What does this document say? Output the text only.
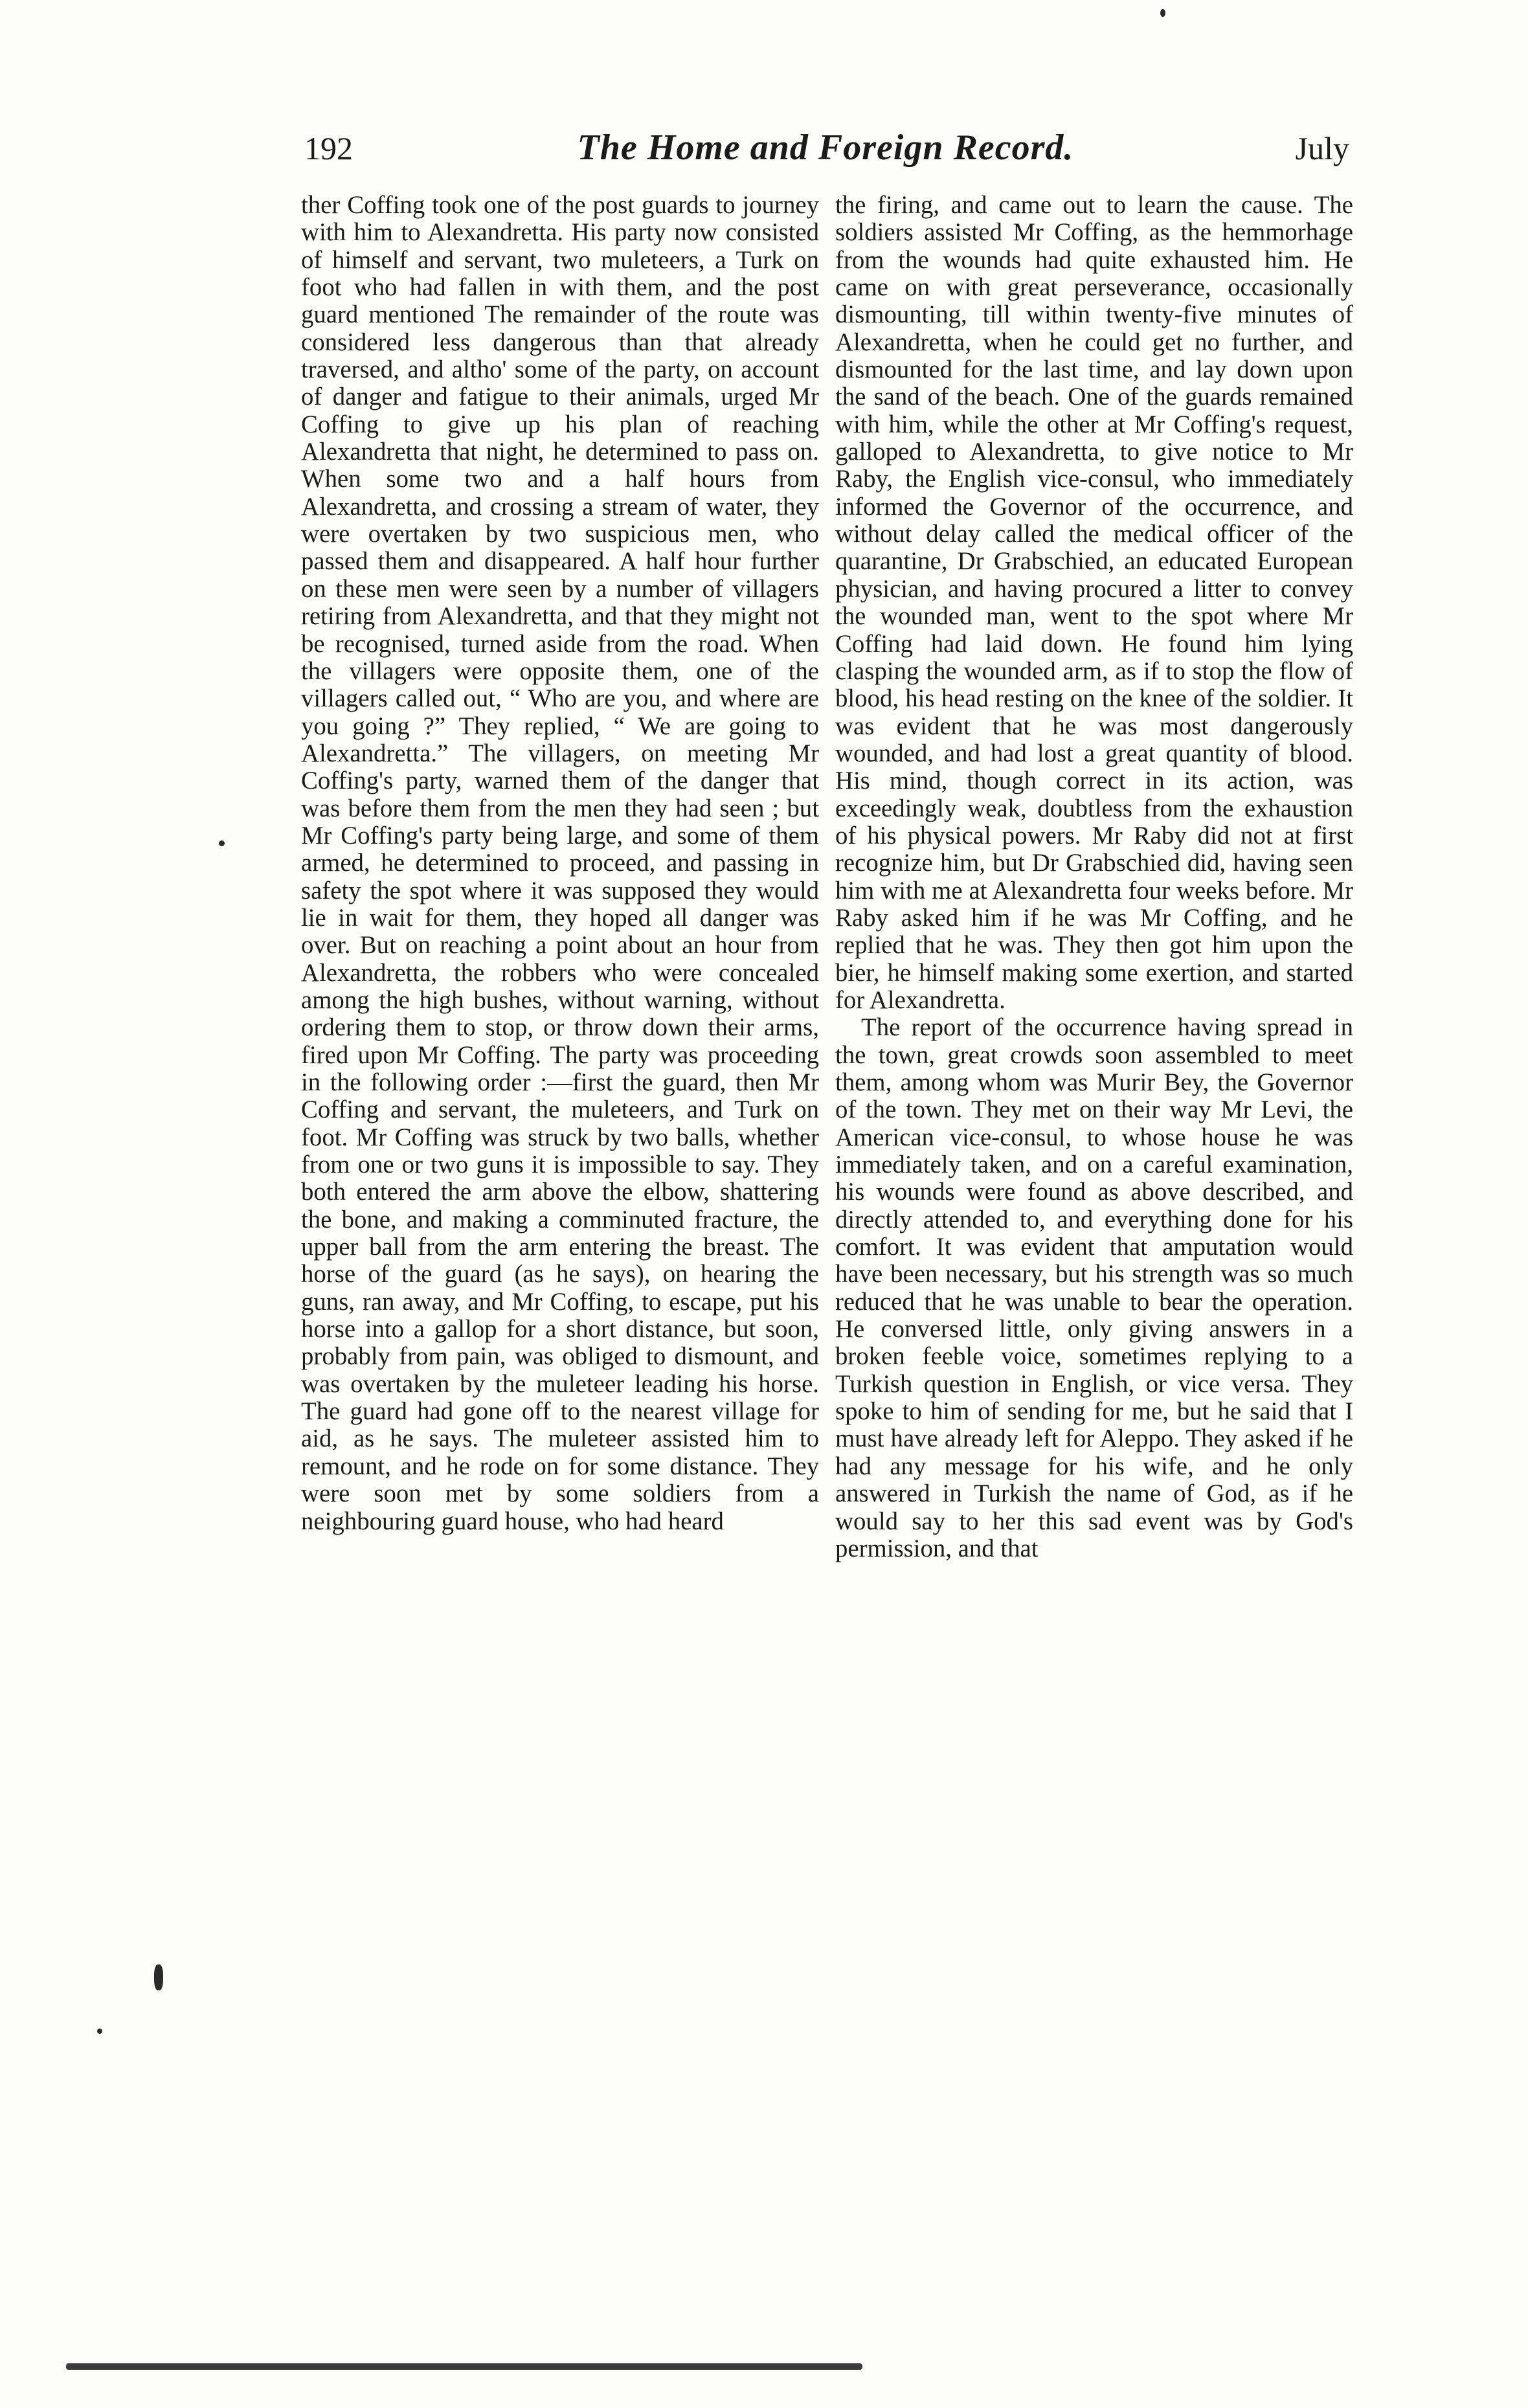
192	The Home and Foreign Record.	July

ther Coffing took one of the post guards to journey with him to Alexandretta. His party now consisted of himself and servant, two muleteers, a Turk on foot who had fallen in with them, and the post guard mentioned The remainder of the route was considered less dangerous than that already traversed, and altho' some of the party, on account of danger and fatigue to their animals, urged Mr Coffing to give up his plan of reaching Alexandretta that night, he determined to pass on. When some two and a half hours from Alexandretta, and crossing a stream of water, they were overtaken by two suspicious men, who passed them and disappeared. A half hour further on these men were seen by a number of villagers retiring from Alexandretta, and that they might not be recognised, turned aside from the road. When the villagers were opposite them, one of the villagers called out, “ Who are you, and where are you going ?” They replied, “ We are going to Alexandretta.” The villagers, on meeting Mr Coffing's party, warned them of the danger that was before them from the men they had seen ; but Mr Coffing's party being large, and some of them armed, he determined to proceed, and passing in safety the spot where it was supposed they would lie in wait for them, they hoped all danger was over. But on reaching a point about an hour from Alexandretta, the robbers who were concealed among the high bushes, without warning, without ordering them to stop, or throw down their arms, fired upon Mr Coffing. The party was proceeding in the following order :—first the guard, then Mr Coffing and servant, the muleteers, and Turk on foot. Mr Coffing was struck by two balls, whether from one or two guns it is impossible to say. They both entered the arm above the elbow, shattering the bone, and making a comminuted fracture, the upper ball from the arm entering the breast. The horse of the guard (as he says), on hearing the guns, ran away, and Mr Coffing, to escape, put his horse into a gallop for a short distance, but soon, probably from pain, was obliged to dismount, and was overtaken by the muleteer leading his horse. The guard had gone off to the nearest village for aid, as he says. The muleteer assisted him to remount, and he rode on for some distance. They were soon met by some soldiers from a neighbouring guard house, who had heard

the firing, and came out to learn the cause. The soldiers assisted Mr Coffing, as the hemmorhage from the wounds had quite exhausted him. He came on with great perseverance, occasionally dismounting, till within twenty-five minutes of Alexandretta, when he could get no further, and dismounted for the last time, and lay down upon the sand of the beach. One of the guards remained with him, while the other at Mr Coffing's request, galloped to Alexandretta, to give notice to Mr Raby, the English vice-consul, who immediately informed the Governor of the occurrence, and without delay called the medical officer of the quarantine, Dr Grabschied, an educated European physician, and having procured a litter to convey the wounded man, went to the spot where Mr Coffing had laid down. He found him lying clasping the wounded arm, as if to stop the flow of blood, his head resting on the knee of the soldier. It was evident that he was most dangerously wounded, and had lost a great quantity of blood. His mind, though correct in its action, was exceedingly weak, doubtless from the exhaustion of his physical powers. Mr Raby did not at first recognize him, but Dr Grabschied did, having seen him with me at Alexandretta four weeks before. Mr Raby asked him if he was Mr Coffing, and he replied that he was. They then got him upon the bier, he himself making some exertion, and started for Alexandretta.

The report of the occurrence having spread in the town, great crowds soon assembled to meet them, among whom was Murir Bey, the Governor of the town. They met on their way Mr Levi, the American vice-consul, to whose house he was immediately taken, and on a careful examination, his wounds were found as above described, and directly attended to, and everything done for his comfort. It was evident that amputation would have been necessary, but his strength was so much reduced that he was unable to bear the operation. He conversed little, only giving answers in a broken feeble voice, sometimes replying to a Turkish question in English, or vice versa. They spoke to him of sending for me, but he said that I must have already left for Aleppo. They asked if he had any message for his wife, and he only answered in Turkish the name of God, as if he would say to her this sad event was by God's permission, and that
